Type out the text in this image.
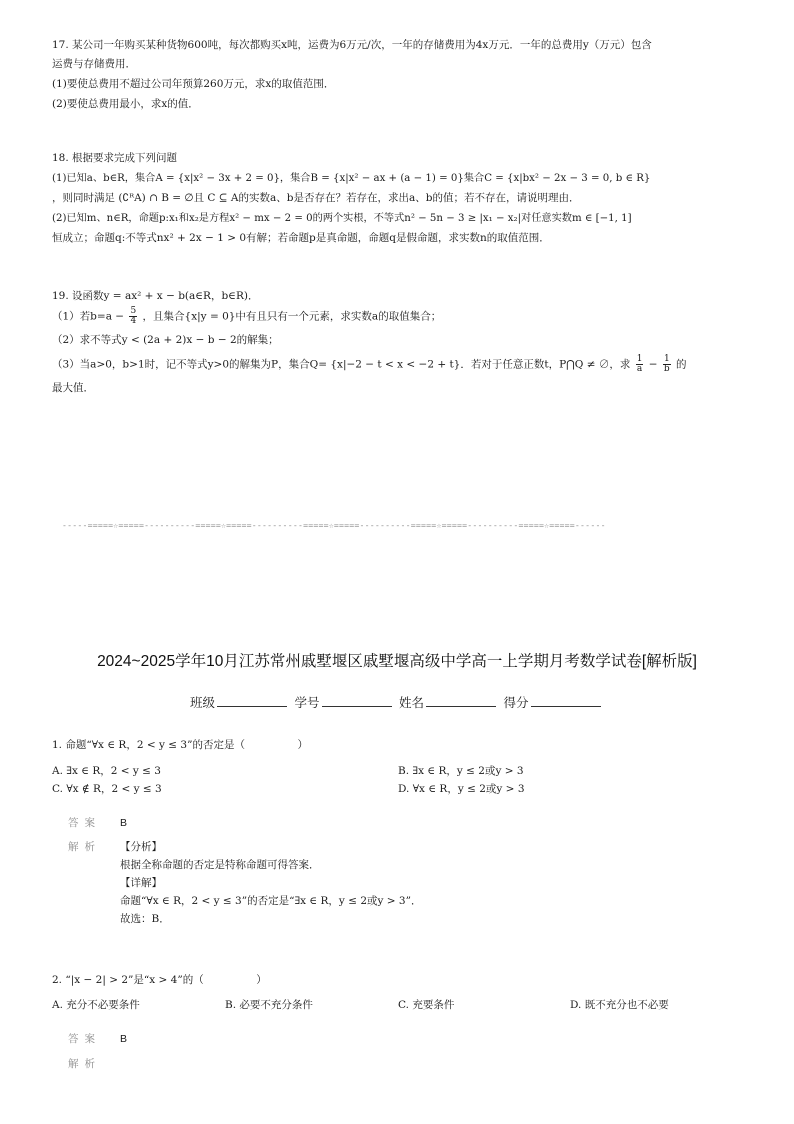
17. 某公司一年购买某种货物600吨，每次都购买x吨，运费为6万元/次，一年的存储费用为4x万元．一年的总费用y（万元）包含
运费与存储费用．
(1)要使总费用不超过公司年预算260万元，求x的取值范围．
(2)要使总费用最小，求x的值．
18. 根据要求完成下列问题
(1)已知a、b∈R，集合A = {x|x² − 3x + 2 = 0}，集合B = {x|x² − ax + (a − 1) = 0}集合C = {x|bx² − 2x − 3 = 0, b ∈ R}
，则同时满足 (∁ᴿA) ∩ B = ∅且 C ⊆ A的实数a、b是否存在？若存在，求出a、b的值；若不存在，请说明理由．
(2)已知m、n∈R，命题p:x₁和x₂是方程x² − mx − 2 = 0的两个实根，不等式n² − 5n − 3 ≥ |x₁ − x₂|对任意实数m ∈ [−1, 1]
恒成立；命题q:不等式nx² + 2x − 1 > 0有解；若命题p是真命题，命题q是假命题，求实数n的取值范围．
19. 设函数y = ax² + x − b(a∈R，b∈R)．
（1）若$b=a - \frac{5}{4}$ ，且集合{x|y = 0}中有且只有一个元素，求实数a的取值集合；
（2）求不等式y < (2a + 2)x − b − 2的解集；
（3）当a>0，b>1时，记不等式y>0的解集为P，集合Q= {x|−2 − t < x < −2 + t}．若对于任意正数t，P⋂Q ≠ ∅，求 $\frac{1}{a} - \frac{1}{b}$ 的
最大值．
-----=====☆=====----------=====☆=====----------=====☆=====----------=====☆=====----------=====☆=====------
2024~2025学年10月江苏常州戚墅堰区戚墅堰高级中学高一上学期月考数学试卷[解析版]
班级	学号	姓名	得分
1. 命题“∀x ∈ R，2 < y ≤ 3”的否定是（　　　　　）
A. ∃x ∈ R，2 < y ≤ 3	B. ∃x ∈ R，y ≤ 2或y > 3
C. ∀x ∉ R，2 < y ≤ 3	D. ∀x ∈ R，y ≤ 2或y > 3
答案 B
解析 【分析】
根据全称命题的否定是特称命题可得答案．
【详解】
命题“∀x ∈ R，2 < y ≤ 3”的否定是“∃x ∈ R，y ≤ 2或y > 3”．
故选：B．
2. “|x − 2| > 2”是“x > 4”的（　　　　　）
A. 充分不必要条件	B. 必要不充分条件	C. 充要条件	D. 既不充分也不必要
答案 B
解析
